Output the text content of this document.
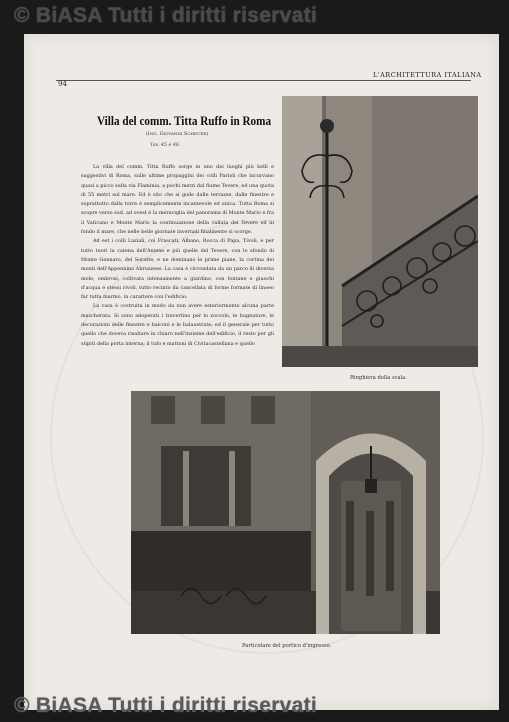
© BiASA Tutti i diritti riservati
94
L'ARCHITETTURA ITALIANA
Villa del comm. Titta Ruffo in Roma
(Ing. Giovanni Scheuer)
Tav. 45 e 46.

La villa del comm. Titta Ruffo sorge in uno dei luoghi più belli e suggestivi di Roma, sulle ultime propaggini dei colli Parioli che incurvano quasi a picco sulla via Flaminia, a pochi metri dal fiume Tevere, ed una quota di 55 metri sul mare. Ed è sito che si gode dalle terrazze, dalle finestre e soprattutto dalla torre è semplicemente incantevole ed unica. Tutta Roma si scopre verso sud, ad ovest è la meraviglia del panorama di Monte Mario e fra il Vaticano e Monte Mario la continuazione della vallata del Tevere ed in fondo il mare, che nelle belle giornate invernali finalmente si scorge.

Ad est i colli Laziali, coi Frascati, Albano, Rocca di Papa, Tivoli, e per tutto tuori la catena dell'Aniene e più quelle del Tevere, con lo sfondo di Monte Gennaro, del Soratte, e ne dominano le prime piane, la cortina dei monti dell'Appennino Abruzzese. La casa è circondata da un parco di diversa mole, ombrosi, coltivata intensamente a giardino, con fontane e giuochi d'acqua e stessi rivoli, tutto recinto da cancellata di forme formate di linoeo far tutta marmo, in carattere con l'edificio.

La casa è costruita in modo da non avere esteriormente alcuna parte mascherata. Si sono adoperati i travertino per lo zoccolo, le bugnature, le decorazioni delle finestre e balconi e le balaustrate; ed il generale per tutto quello che doveva risaltare in chiaro nell'insieme dell'edificio, il resto per gli stipiti della porta interna; il tufo e mattoni di Civitacastellana e quello

Ringhiera della scala.
Particolare del portico d'ingresso.
© BiASA Tutti i diritti riservati
